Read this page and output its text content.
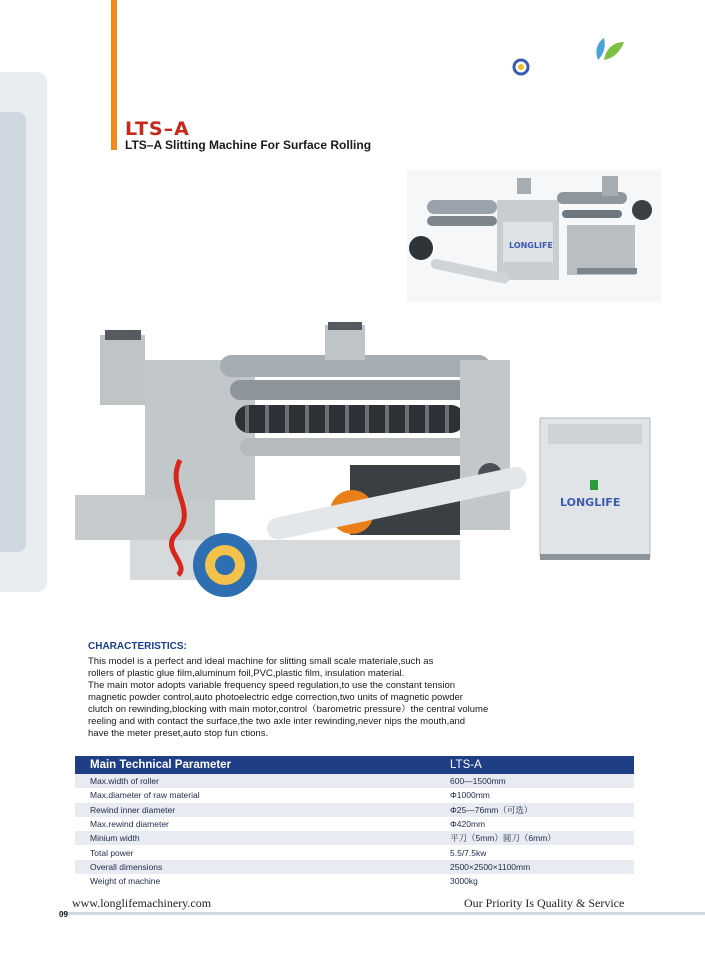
LTS–A
LTS–A Slitting Machine For Surface Rolling
LONGLIFE
LONGLIFE
CHARACTERISTICS:
This model is a perfect and ideal machine for slitting small scale materiale,such as
rollers of plastic glue film,aluminum foil,PVC,plastic film, insulation material.
The main motor adopts variable frequency speed regulation,to use the constant tension
magnetic powder control,auto photoelectric edge correction,two units of magnetic powder
clutch on rewinding,blocking with main motor,control（barometric pressure）the central volume
reeling and with contact the surface,the two axle inter rewinding,never nips the mouth,and
have the meter preset,auto stop fun ctions.
Main Technical Parameter	LTS-A
Max.width of roller	600—1500mm
Max.diameter of raw material	Φ1000mm
Rewind inner diameter	Φ25—76mm（可选）
Max.rewind diameter	Φ420mm
Minium width	平刀（5mm）圆刀（6mm）
Total power	5.5/7.5kw
Overall dimensions	2500×2500×1100mm
Weight of machine	3000kg
www.longlifemachinery.com	Our Priority Is Quality & Service
09
